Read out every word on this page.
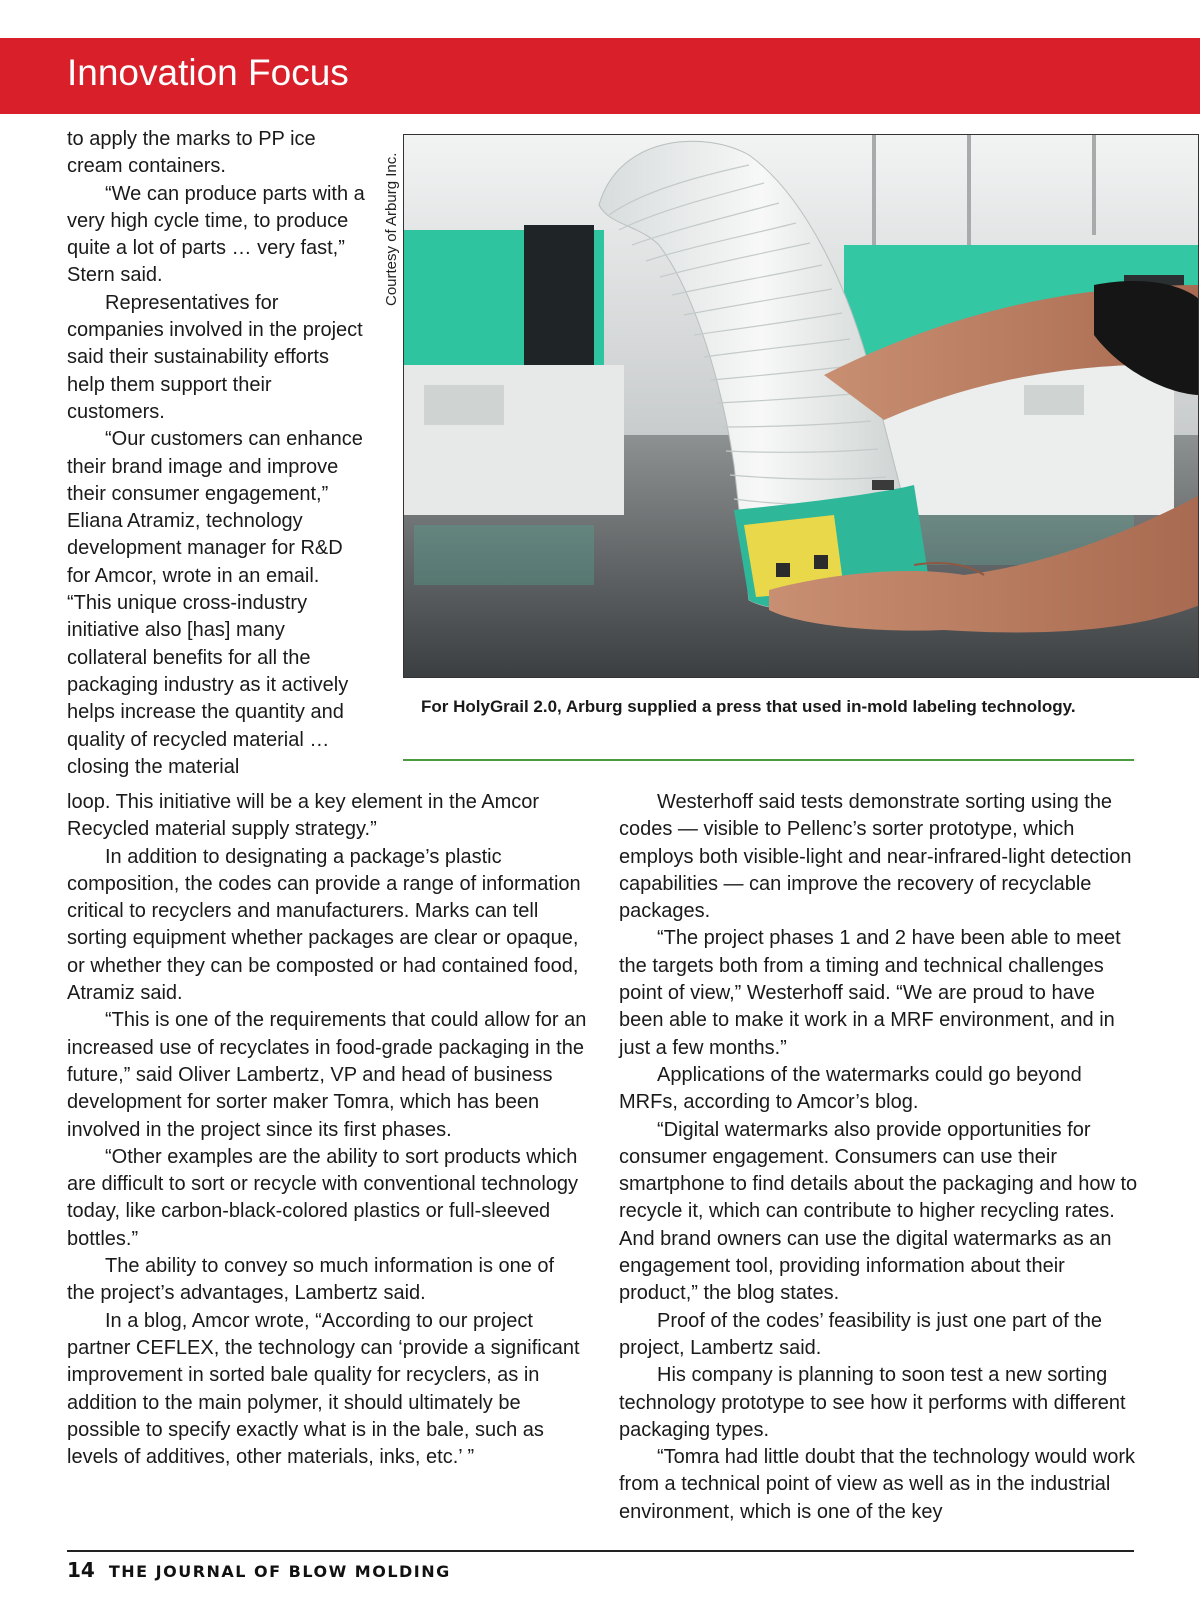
Innovation Focus

to apply the marks to PP ice cream containers.

“We can produce parts with a very high cycle time, to produce quite a lot of parts … very fast,” Stern said.

Representatives for companies involved in the project said their sustainability efforts help them support their customers.

“Our customers can enhance their brand image and improve their consumer engagement,” Eliana Atramiz, technology development manager for R&D for Amcor, wrote in an email. “This unique cross-industry initiative also [has] many collateral benefits for all the packaging industry as it actively helps increase the quantity and quality of recycled material … closing the material

Courtesy of Arburg Inc.
For HolyGrail 2.0, Arburg supplied a press that used in-mold labeling technology.

loop. This initiative will be a key element in the Amcor Recycled material supply strategy.”

In addition to designating a package’s plastic composition, the codes can provide a range of information critical to recyclers and manufacturers. Marks can tell sorting equipment whether packages are clear or opaque, or whether they can be composted or had contained food, Atramiz said.

“This is one of the requirements that could allow for an increased use of recyclates in food-grade packaging in the future,” said Oliver Lambertz, VP and head of business development for sorter maker Tomra, which has been involved in the project since its first phases.

“Other examples are the ability to sort products which are difficult to sort or recycle with conventional technology today, like carbon-black-colored plastics or full-sleeved bottles.”

The ability to convey so much information is one of the project’s advantages, Lambertz said.

In a blog, Amcor wrote, “According to our project partner CEFLEX, the technology can ‘provide a significant improvement in sorted bale quality for recyclers, as in addition to the main polymer, it should ultimately be possible to specify exactly what is in the bale, such as levels of additives, other materials, inks, etc.’ ”

Westerhoff said tests demonstrate sorting using the codes — visible to Pellenc’s sorter prototype, which employs both visible-light and near-infrared-light detection capabilities — can improve the recovery of recyclable packages.

“The project phases 1 and 2 have been able to meet the targets both from a timing and technical challenges point of view,” Westerhoff said. “We are proud to have been able to make it work in a MRF environment, and in just a few months.”

Applications of the watermarks could go beyond MRFs, according to Amcor’s blog.

“Digital watermarks also provide opportunities for consumer engagement. Consumers can use their smartphone to find details about the packaging and how to recycle it, which can contribute to higher recycling rates. And brand owners can use the digital watermarks as an engagement tool, providing information about their product,” the blog states.

Proof of the codes’ feasibility is just one part of the project, Lambertz said.

His company is planning to soon test a new sorting technology prototype to see how it performs with different packaging types.

“Tomra had little doubt that the technology would work from a technical point of view as well as in the industrial environment, which is one of the key

14 THE JOURNAL OF BLOW MOLDING
